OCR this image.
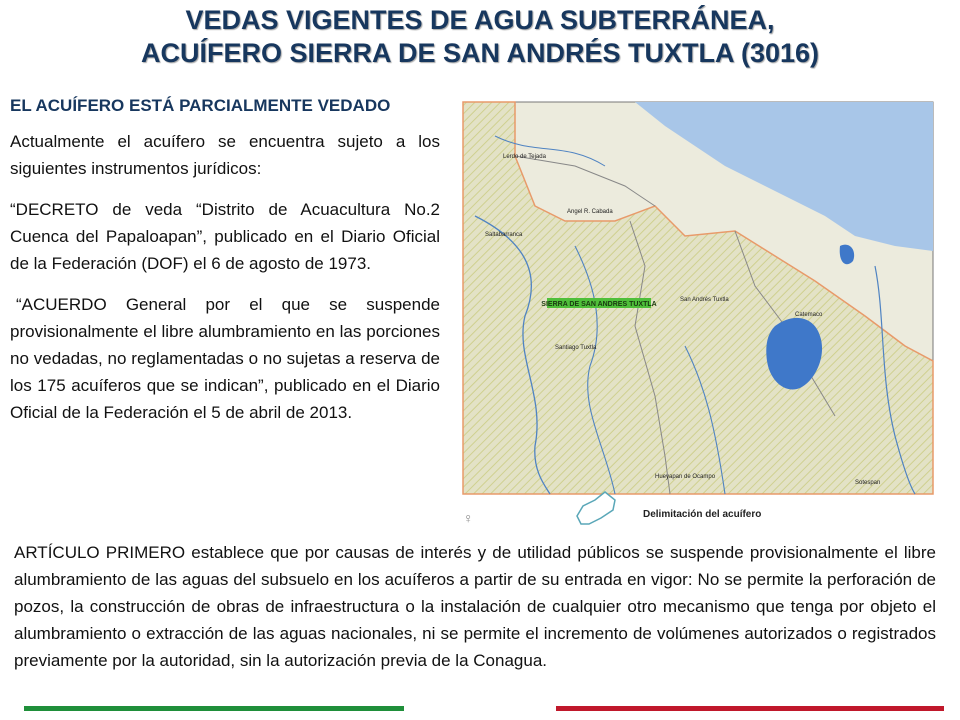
VEDAS VIGENTES DE AGUA SUBTERRÁNEA,
ACUÍFERO SIERRA DE SAN ANDRÉS TUXTLA (3016)
EL ACUÍFERO ESTÁ PARCIALMENTE VEDADO

Actualmente el acuífero se encuentra sujeto a los siguientes instrumentos jurídicos:

“DECRETO de veda “Distrito de Acuacultura No.2 Cuenca del Papaloapan”, publicado en el Diario Oficial de la Federación (DOF) el 6 de agosto de 1973.

“ACUERDO General por el que se suspende provisionalmente el libre alumbramiento en las porciones no vedadas, no reglamentadas o no sujetas a reserva de los 175 acuíferos que se indican”, publicado en el Diario Oficial de la Federación el 5 de abril de 2013.

SIERRA DE SAN ANDRES TUXTLA
Lerdo de Tejada
Angel R. Cabada
Saltabarranca
San Andrés Tuxtla
Catemaco
Santiago Tuxtla
Sotespan
Hueyapan de Ocampo
♀	Delimitación del acuífero
ARTÍCULO PRIMERO establece que por causas de interés y de utilidad públicos se suspende provisionalmente el libre alumbramiento de las aguas del subsuelo en los acuíferos a partir de su entrada en vigor: No se permite la perforación de pozos, la construcción de obras de infraestructura o la instalación de cualquier otro mecanismo que tenga por objeto el alumbramiento o extracción de las aguas nacionales, ni se permite el incremento de volúmenes autorizados o registrados previamente por la autoridad, sin la autorización previa de la Conagua.
